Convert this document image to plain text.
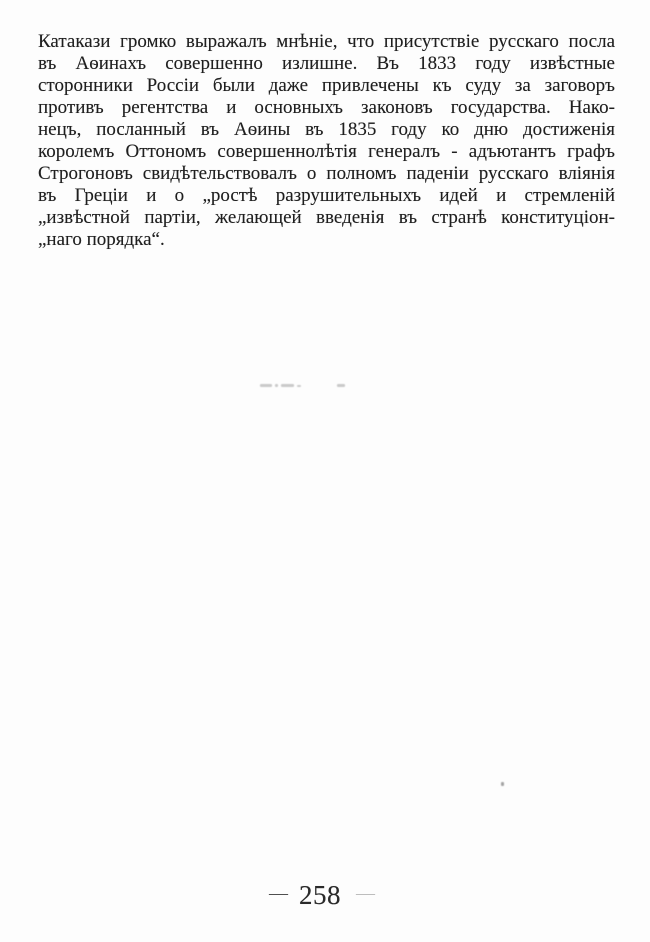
Катакази громко выражалъ мнѣніе, что присутствіе русскаго посла
въ Аѳинахъ совершенно излишне. Въ 1833 году извѣстные
сторонники Россіи были даже привлечены къ суду за заговоръ
противъ регентства и основныхъ законовъ государства. Нако-
нецъ, посланный въ Аѳины въ 1835 году ко дню достиженія
королемъ Оттономъ совершеннолѣтія генералъ - адъютантъ графъ
Строгоновъ свидѣтельствовалъ о полномъ паденіи русскаго вліянія
въ Греціи и о „ростѣ разрушительныхъ идей и стремленій
„извѣстной партіи, желающей введенія въ странѣ конституціон-
„наго порядка“.
— 258 —
